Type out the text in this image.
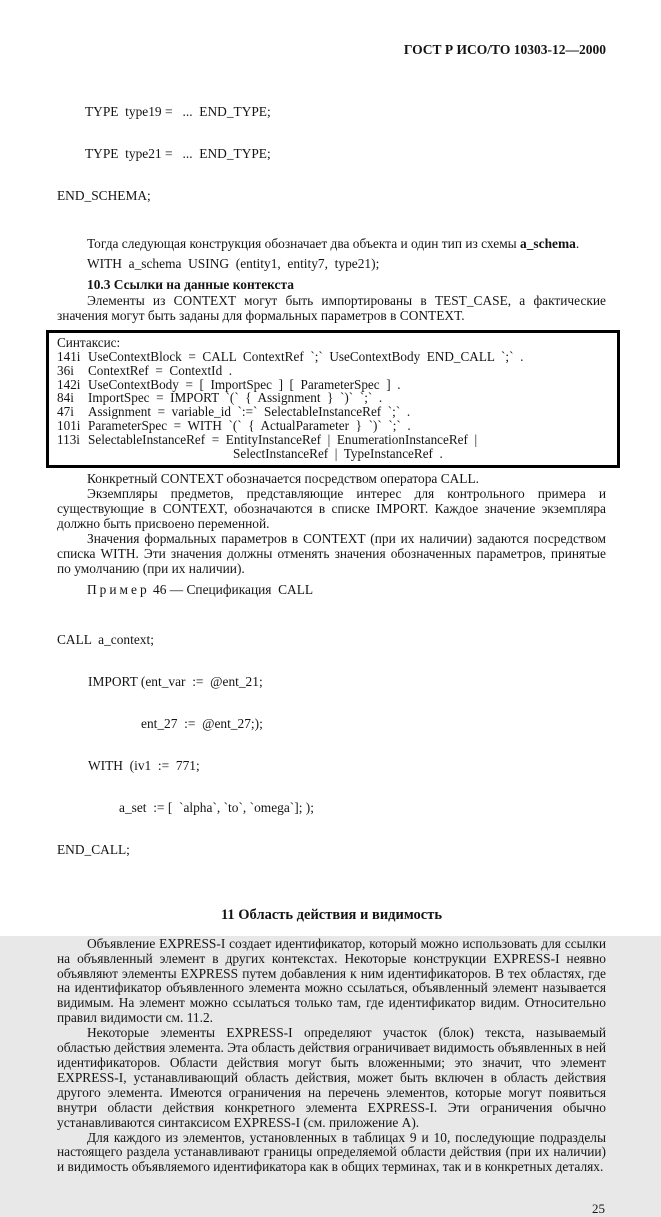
ГОСТ Р ИСО/ТО 10303-12—2000

TYPE  type19 =   ...  END_TYPE;

TYPE  type21 =   ...  END_TYPE;

END_SCHEMA;

Тогда следующая конструкция обозначает два объекта и один тип из схемы a_schema.

WITH  a_schema  USING  (entity1,  entity7,  type21);
10.3 Ссылки на данные контекста

Элементы из CONTEXT могут быть импортированы в TEST_CASE, а фактические значения могут быть заданы для формальных параметров в CONTEXT.

Синтаксис:
141i UseContextBlock  =  CALL  ContextRef  `;`  UseContextBody  END_CALL  `;`  .
36i	ContextRef  =  ContextId  .
142i UseContextBody  =  [  ImportSpec  ]  [  ParameterSpec  ]  .
84i	ImportSpec  =  IMPORT  `(`  {  Assignment  }  `)`  `;`  .
47i	Assignment  =  variable_id  `:=`  SelectableInstanceRef  `;`  .
101i ParameterSpec  =  WITH  `(`  {  ActualParameter  }  `)`  `;`  .
113i SelectableInstanceRef  =  EntityInstanceRef  |  EnumerationInstanceRef  |
SelectInstanceRef  |  TypeInstanceRef  .

Конкретный CONTEXT обозначается посредством оператора CALL.

Экземпляры предметов, представляющие интерес для контрольного примера и существующие в CONTEXT, обозначаются в списке IMPORT. Каждое значение экземпляра должно быть присвоено переменной.

Значения формальных параметров в CONTEXT (при их наличии) задаются посредством списка WITH. Эти значения должны отменять значения обозначенных параметров, принятые по умолчанию (при их наличии).

Пример 46 — Спецификация  CALL

CALL  a_context;

IMPORT (ent_var  :=  @ent_21;

ent_27  :=  @ent_27;);

WITH  (iv1  :=  771;

a_set  := [  `alpha`, `to`, `omega`]; );

END_CALL;

11 Область действия и видимость

Объявление EXPRESS-I создает идентификатор, который можно использовать для ссылки на объявленный элемент в других контекстах. Некоторые конструкции EXPRESS-I неявно объявляют элементы EXPRESS путем добавления к ним идентификаторов. В тех областях, где на идентификатор объявленного элемента можно ссылаться, объявленный элемент называется видимым. На элемент можно ссылаться только там, где идентификатор видим. Относительно правил видимости см. 11.2.

Некоторые элементы EXPRESS-I определяют участок (блок) текста, называемый областью действия элемента. Эта область действия ограничивает видимость объявленных в ней идентификаторов. Области действия могут быть вложенными; это значит, что элемент EXPRESS-I, устанавливающий область действия, может быть включен в область действия другого элемента. Имеются ограничения на перечень элементов, которые могут появиться внутри области действия конкретного элемента EXPRESS-I. Эти ограничения обычно устанавливаются синтаксисом EXPRESS-I (см. приложение А).

Для каждого из элементов, установленных в таблицах 9 и 10, последующие подразделы настоящего раздела устанавливают границы определяемой области действия (при их наличии) и видимость объявляемого идентификатора как в общих терминах, так и в конкретных деталях.

25
